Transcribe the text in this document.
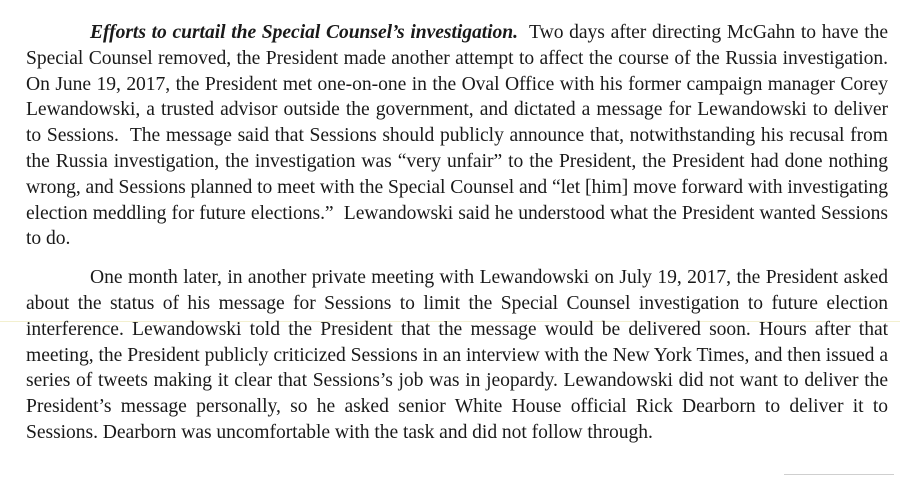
Efforts to curtail the Special Counsel’s investigation.  Two days after directing McGahn to have the Special Counsel removed, the President made another attempt to affect the course of the Russia investigation.  On June 19, 2017, the President met one-on-one in the Oval Office with his former campaign manager Corey Lewandowski, a trusted advisor outside the government, and dictated a message for Lewandowski to deliver to Sessions.  The message said that Sessions should publicly announce that, notwithstanding his recusal from the Russia investigation, the investigation was “very unfair” to the President, the President had done nothing wrong, and Sessions planned to meet with the Special Counsel and “let [him] move forward with investigating election meddling for future elections.”  Lewandowski said he understood what the President wanted Sessions to do.

One month later, in another private meeting with Lewandowski on July 19, 2017, the President asked about the status of his message for Sessions to limit the Special Counsel investigation to future election interference. Lewandowski told the President that the message would be delivered soon. Hours after that meeting, the President publicly criticized Sessions in an interview with the New York Times, and then issued a series of tweets making it clear that Sessions’s job was in jeopardy. Lewandowski did not want to deliver the President’s message personally, so he asked senior White House official Rick Dearborn to deliver it to Sessions. Dearborn was uncomfortable with the task and did not follow through.
